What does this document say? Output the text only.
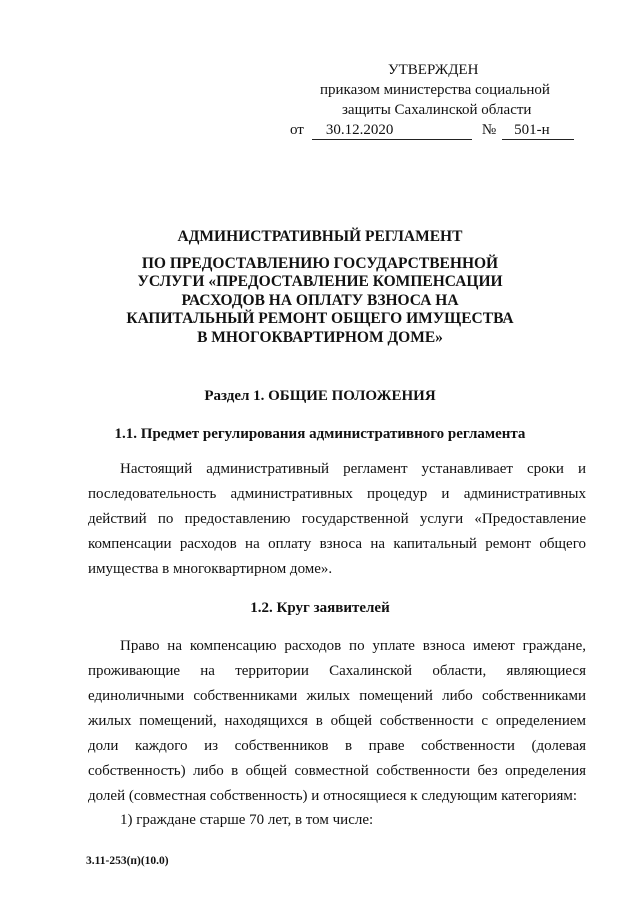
УТВЕРЖДЕН
приказом министерства социальной
защиты Сахалинской области
от	30.12.2020	№	501-н
АДМИНИСТРАТИВНЫЙ РЕГЛАМЕНТ
ПО ПРЕДОСТАВЛЕНИЮ ГОСУДАРСТВЕННОЙ
УСЛУГИ «ПРЕДОСТАВЛЕНИЕ КОМПЕНСАЦИИ
РАСХОДОВ НА ОПЛАТУ ВЗНОСА НА
КАПИТАЛЬНЫЙ РЕМОНТ ОБЩЕГО ИМУЩЕСТВА
В МНОГОКВАРТИРНОМ ДОМЕ»
Раздел 1. ОБЩИЕ ПОЛОЖЕНИЯ
1.1. Предмет регулирования административного регламента
Настоящий административный регламент устанавливает сроки и последовательность административных процедур и административных действий по предоставлению государственной услуги «Предоставление компенсации расходов на оплату взноса на капитальный ремонт общего имущества в многоквартирном доме».
1.2. Круг заявителей
Право на компенсацию расходов по уплате взноса имеют граждане, проживающие на территории Сахалинской области, являющиеся единоличными собственниками жилых помещений либо собственниками жилых помещений, находящихся в общей собственности с определением доли каждого из собственников в праве собственности (долевая собственность) либо в общей совместной собственности без определения долей (совместная собственность) и относящиеся к следующим категориям:
1) граждане старше 70 лет, в том числе:
3.11-253(п)(10.0)
